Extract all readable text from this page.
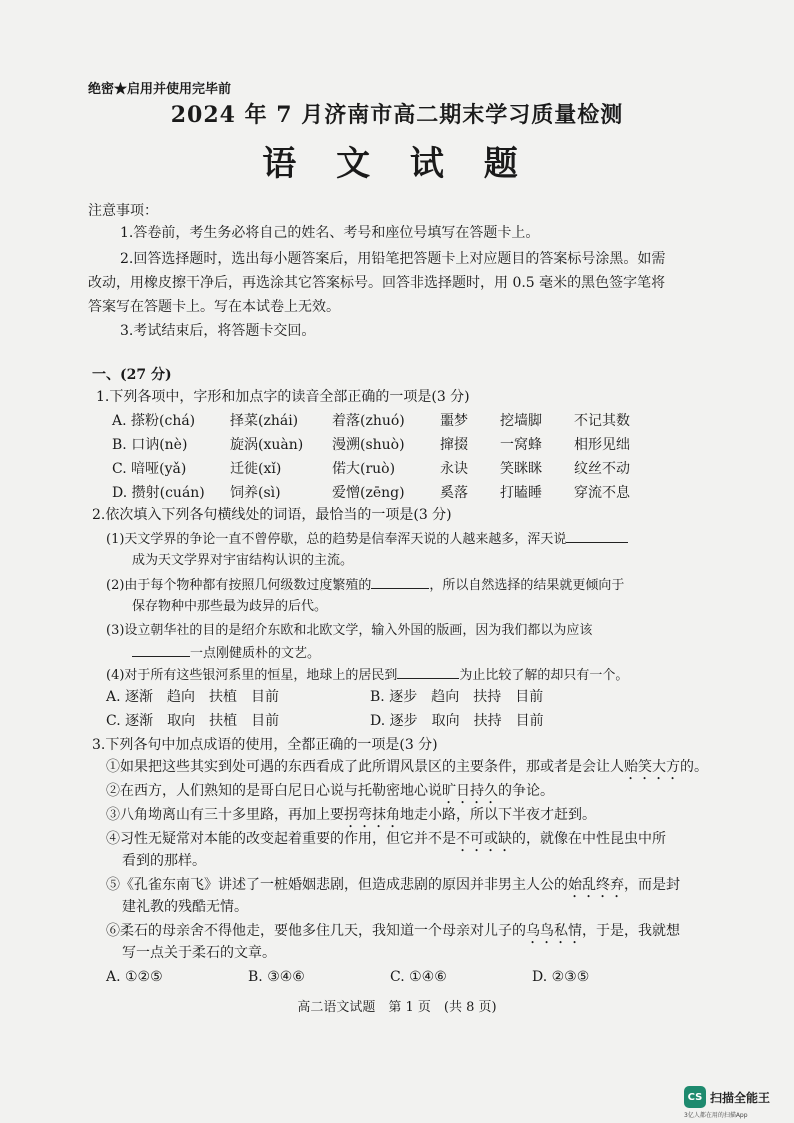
绝密★启用并使用完毕前
2024 年 7 月济南市高二期末学习质量检测
语 文 试 题
注意事项：
1.答卷前，考生务必将自己的姓名、考号和座位号填写在答题卡上。
2.回答选择题时，选出每小题答案后，用铅笔把答题卡上对应题目的答案标号涂黑。如需
改动，用橡皮擦干净后，再选涂其它答案标号。回答非选择题时，用 0.5 毫米的黑色签字笔将
答案写在答题卡上。写在本试卷上无效。
3.考试结束后，将答题卡交回。
一、(27 分)
1.下列各项中，字形和加点字的读音全部正确的一项是(3 分)
A. 搽粉(chá) 择菜(zhái) 着落(zhuó)	噩梦 挖墙脚 不记其数
B. 口讷(nè)	旋涡(xuàn) 漫溯(shuò)	撺掇 一窝蜂 相形见绌
C. 喑哑(yǎ)	迁徙(xǐ)	偌大(ruò)	永诀 笑眯眯 纹丝不动
D. 攒射(cuán) 饲养(sì)	爱憎(zēng)	奚落 打瞌睡 穿流不息
2.依次填入下列各句横线处的词语，最恰当的一项是(3 分)
(1)天文学界的争论一直不曾停歇，总的趋势是信奉浑天说的人越来越多，浑天说
成为天文学界对宇宙结构认识的主流。
(2)由于每个物种都有按照几何级数过度繁殖的	，所以自然选择的结果就更倾向于
保存物种中那些最为歧异的后代。
(3)设立朝华社的目的是绍介东欧和北欧文学，输入外国的版画，因为我们都以为应该
一点刚健质朴的文艺。
(4)对于所有这些银河系里的恒星，地球上的居民到	为止比较了解的却只有一个。
A. 逐渐　趋向　扶植　目前	B. 逐步　趋向　扶持　目前
C. 逐渐　取向　扶植　目前	D. 逐步　取向　扶持　目前
3.下列各句中加点成语的使用，全都正确的一项是(3 分)
①如果把这些其实到处可遇的东西看成了此所谓风景区的主要条件，那或者是会让人贻笑大方的。
②在西方，人们熟知的是哥白尼日心说与托勒密地心说旷日持久的争论。
③八角坳离山有三十多里路，再加上要拐弯抹角地走小路，所以下半夜才赶到。
④习性无疑常对本能的改变起着重要的作用，但它并不是不可或缺的，就像在中性昆虫中所
看到的那样。
⑤《孔雀东南飞》讲述了一桩婚姻悲剧，但造成悲剧的原因并非男主人公的始乱终弃，而是封
建礼教的残酷无情。
⑥柔石的母亲舍不得他走，要他多住几天，我知道一个母亲对儿子的乌鸟私情，于是，我就想
写一点关于柔石的文章。
A. ①②⑤	B. ③④⑥	C. ①④⑥	D. ②③⑤
高二语文试题　第 1 页　(共 8 页)
CS 扫描全能王
3亿人都在用的扫描App
